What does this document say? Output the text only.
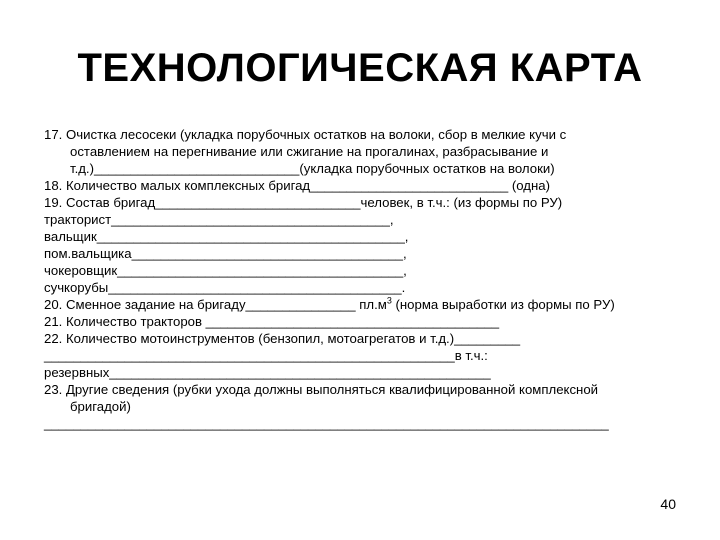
ТЕХНОЛОГИЧЕСКАЯ КАРТА
17. Очистка лесосеки (укладка порубочных остатков на волоки, сбор в мелкие кучи с
оставлением на перегнивание или сжигание на прогалинах, разбрасывание и
т.д.)____________________________(укладка порубочных остатков на волоки)
18. Количество малых комплексных бригад___________________________ (одна)
19. Состав бригад____________________________человек, в т.ч.: (из формы по РУ)
тракторист______________________________________,
вальщик__________________________________________,
пом.вальщика_____________________________________,
чокеровщик_______________________________________,
сучкорубы________________________________________.
20. Сменное задание на бригаду_______________ $пл.м^3$ (норма выработки из формы по РУ)
21. Количество тракторов ________________________________________
22. Количество мотоинструментов (бензопил, мотоагрегатов и т.д.)_________
________________________________________________________в т.ч.:
резервных____________________________________________________
23. Другие сведения (рубки ухода должны выполняться квалифицированной комплексной
бригадой)
_____________________________________________________________________________
40
